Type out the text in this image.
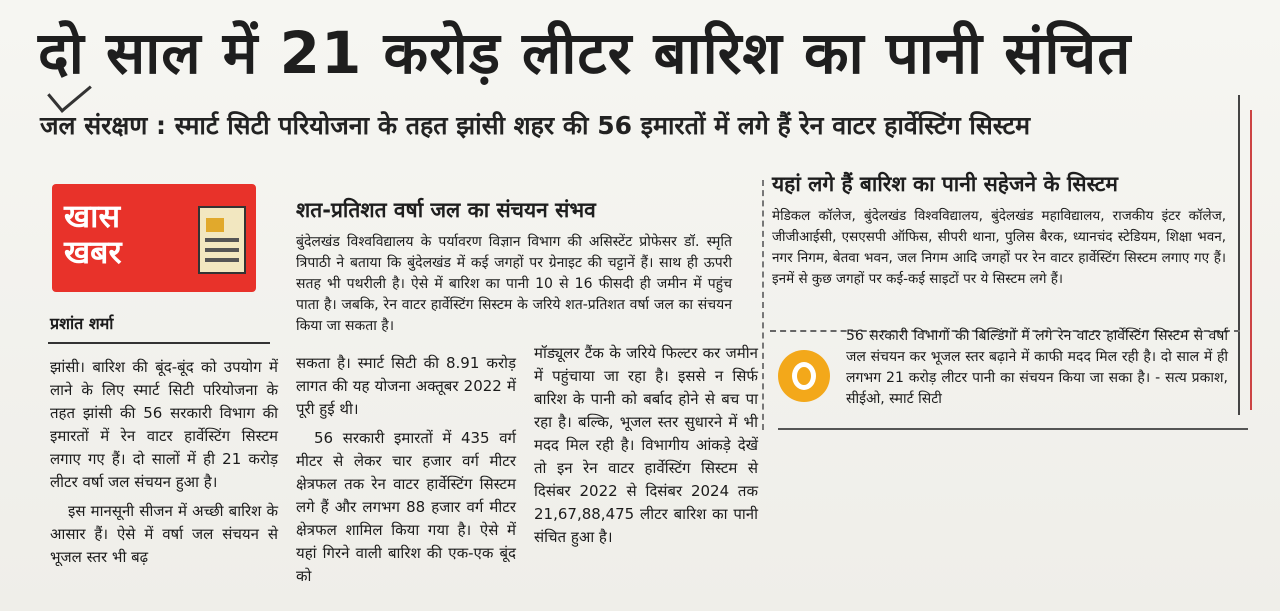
दो साल में 21 करोड़ लीटर बारिश का पानी संचित
जल संरक्षण : स्मार्ट सिटी परियोजना के तहत झांसी शहर की 56 इमारतों में लगे हैं रेन वाटर हार्वेस्टिंग सिस्टम
खास
खबर
प्रशांत शर्मा
शत-प्रतिशत वर्षा जल का संचयन संभव
बुंदेलखंड विश्वविद्यालय के पर्यावरण विज्ञान विभाग की असिस्टेंट प्रोफेसर डॉ. स्मृति त्रिपाठी ने बताया कि बुंदेलखंड में कई जगहों पर ग्रेनाइट की चट्टानें हैं। साथ ही ऊपरी सतह भी पथरीली है। ऐसे में बारिश का पानी 10 से 16 फीसदी ही जमीन में पहुंच पाता है। जबकि, रेन वाटर हार्वेस्टिंग सिस्टम के जरिये शत-प्रतिशत वर्षा जल का संचयन किया जा सकता है।
यहां लगे हैं बारिश का पानी सहेजने के सिस्टम
मेडिकल कॉलेज, बुंदेलखंड विश्वविद्यालय, बुंदेलखंड महाविद्यालय, राजकीय इंटर कॉलेज, जीजीआईसी, एसएसपी ऑफिस, सीपरी थाना, पुलिस बैरक, ध्यानचंद स्टेडियम, शिक्षा भवन, नगर निगम, बेतवा भवन, जल निगम आदि जगहों पर रेन वाटर हार्वेस्टिंग सिस्टम लगाए गए हैं। इनमें से कुछ जगहों पर कई-कई साइटों पर ये सिस्टम लगे हैं।
56 सरकारी विभागों की बिल्डिंगों में लगे रेन वाटर हार्वेस्टिंग सिस्टम से वर्षा जल संचयन कर भूजल स्तर बढ़ाने में काफी मदद मिल रही है। दो साल में ही लगभग 21 करोड़ लीटर पानी का संचयन किया जा सका है। - सत्य प्रकाश, सीईओ, स्मार्ट सिटी

झांसी। बारिश की बूंद-बूंद को उपयोग में लाने के लिए स्मार्ट सिटी परियोजना के तहत झांसी की 56 सरकारी विभाग की इमारतों में रेन वाटर हार्वेस्टिंग सिस्टम लगाए गए हैं। दो सालों में ही 21 करोड़ लीटर वर्षा जल संचयन हुआ है।

इस मानसूनी सीजन में अच्छी बारिश के आसार हैं। ऐसे में वर्षा जल संचयन से भूजल स्तर भी बढ़

सकता है। स्मार्ट सिटी की 8.91 करोड़ लागत की यह योजना अक्तूबर 2022 में पूरी हुई थी।

56 सरकारी इमारतों में 435 वर्ग मीटर से लेकर चार हजार वर्ग मीटर क्षेत्रफल तक रेन वाटर हार्वेस्टिंग सिस्टम लगे हैं और लगभग 88 हजार वर्ग मीटर क्षेत्रफल शामिल किया गया है। ऐसे में यहां गिरने वाली बारिश की एक-एक बूंद को

मॉड्यूलर टैंक के जरिये फिल्टर कर जमीन में पहुंचाया जा रहा है। इससे न सिर्फ बारिश के पानी को बर्बाद होने से बच पा रहा है। बल्कि, भूजल स्तर सुधारने में भी मदद मिल रही है। विभागीय आंकड़े देखें तो इन रेन वाटर हार्वेस्टिंग सिस्टम से दिसंबर 2022 से दिसंबर 2024 तक 21,67,88,475 लीटर बारिश का पानी संचित हुआ है।
